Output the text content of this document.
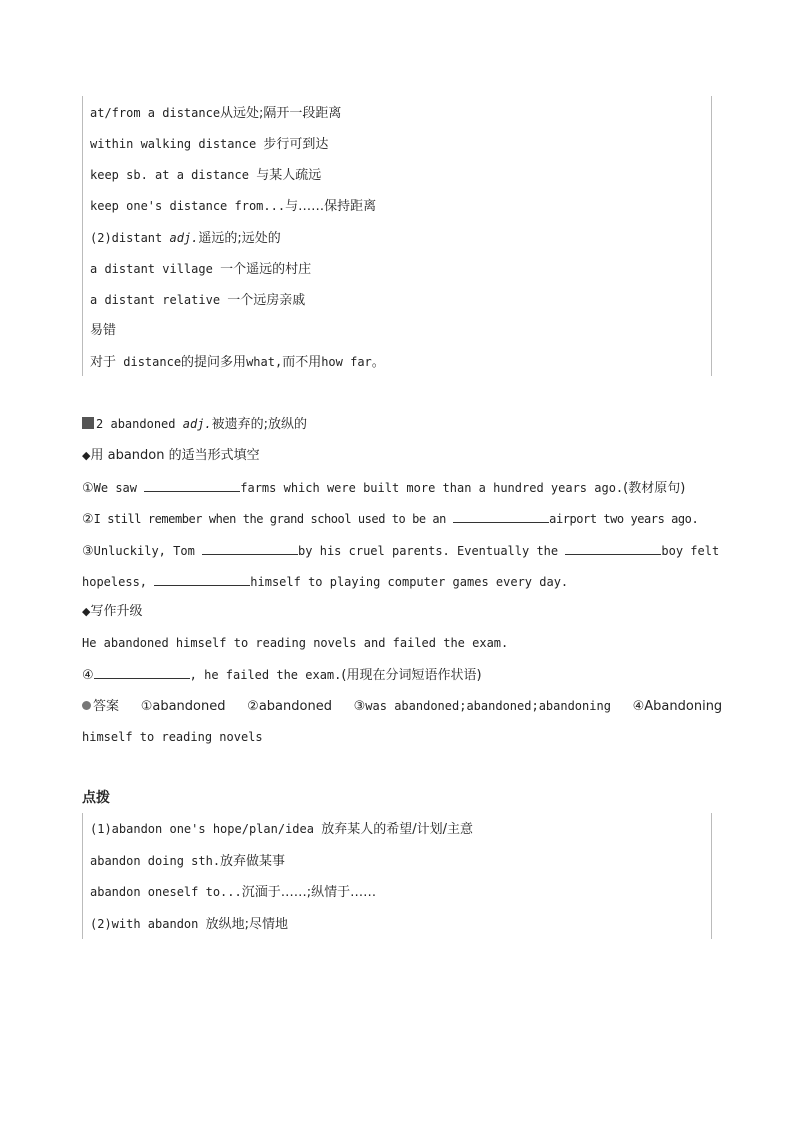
at/from a distance从远处;隔开一段距离
within walking distance 步行可到达
keep sb. at a distance 与某人疏远
keep one's distance from...与……保持距离
(2)distant adj.遥远的;远处的
a distant village 一个遥远的村庄
a distant relative 一个远房亲戚
易错
对于 distance的提问多用what,而不用how far。
2 abandoned adj.被遗弃的;放纵的
◆用 abandon 的适当形式填空
①We saw	farms which were built more than a hundred years ago.(教材原句)
②I still remember when the grand school used to be an	airport two years ago.
③Unluckily, Tom	by his cruel parents. Eventually the	boy felt
hopeless,	himself to playing computer games every day.
◆写作升级
He abandoned himself to reading novels and failed the exam.
④	, he failed the exam.(用现在分词短语作状语)
答案 ①abandoned ②abandoned ③was abandoned;abandoned;abandoning ④Abandoning
himself to reading novels
点拨
(1)abandon one's hope/plan/idea 放弃某人的希望/计划/主意
abandon doing sth.放弃做某事
abandon oneself to...沉湎于……;纵情于……
(2)with abandon 放纵地;尽情地
